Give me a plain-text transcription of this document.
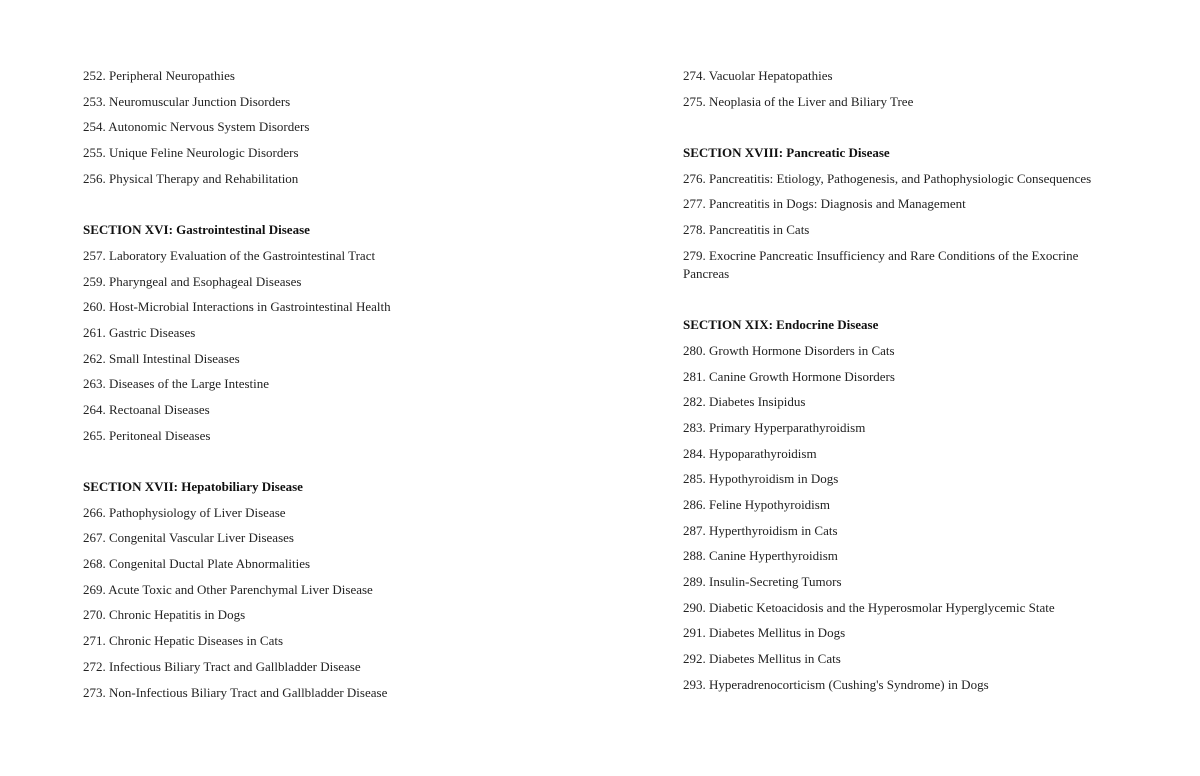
252. Peripheral Neuropathies
253. Neuromuscular Junction Disorders
254. Autonomic Nervous System Disorders
255. Unique Feline Neurologic Disorders
256. Physical Therapy and Rehabilitation
SECTION XVI: Gastrointestinal Disease
257. Laboratory Evaluation of the Gastrointestinal Tract
259. Pharyngeal and Esophageal Diseases
260. Host-Microbial Interactions in Gastrointestinal Health
261. Gastric Diseases
262. Small Intestinal Diseases
263. Diseases of the Large Intestine
264. Rectoanal Diseases
265. Peritoneal Diseases
SECTION XVII: Hepatobiliary Disease
266. Pathophysiology of Liver Disease
267. Congenital Vascular Liver Diseases
268. Congenital Ductal Plate Abnormalities
269. Acute Toxic and Other Parenchymal Liver Disease
270. Chronic Hepatitis in Dogs
271. Chronic Hepatic Diseases in Cats
272. Infectious Biliary Tract and Gallbladder Disease
273. Non-Infectious Biliary Tract and Gallbladder Disease
274. Vacuolar Hepatopathies
275. Neoplasia of the Liver and Biliary Tree
SECTION XVIII: Pancreatic Disease
276. Pancreatitis: Etiology, Pathogenesis, and Pathophysiologic Consequences
277. Pancreatitis in Dogs: Diagnosis and Management
278. Pancreatitis in Cats
279. Exocrine Pancreatic Insufficiency and Rare Conditions of the Exocrine Pancreas
SECTION XIX: Endocrine Disease
280. Growth Hormone Disorders in Cats
281. Canine Growth Hormone Disorders
282. Diabetes Insipidus
283. Primary Hyperparathyroidism
284. Hypoparathyroidism
285. Hypothyroidism in Dogs
286. Feline Hypothyroidism
287. Hyperthyroidism in Cats
288. Canine Hyperthyroidism
289. Insulin-Secreting Tumors
290. Diabetic Ketoacidosis and the Hyperosmolar Hyperglycemic State
291. Diabetes Mellitus in Dogs
292. Diabetes Mellitus in Cats
293. Hyperadrenocorticism (Cushing's Syndrome) in Dogs
